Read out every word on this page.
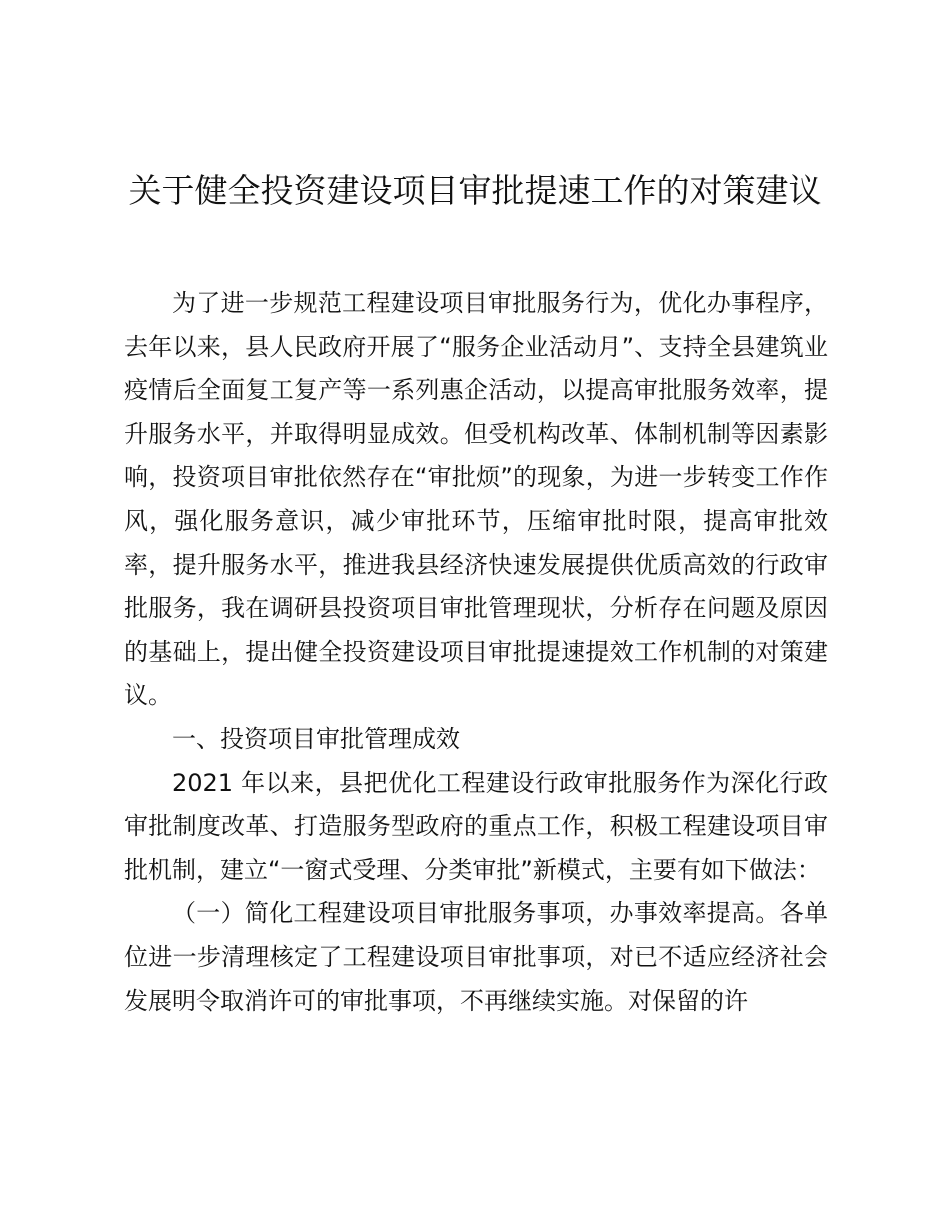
关于健全投资建设项目审批提速工作的对策建议

为了进一步规范工程建设项目审批服务行为，优化办事程序，去年以来，县人民政府开展了“服务企业活动月”、支持全县建筑业疫情后全面复工复产等一系列惠企活动，以提高审批服务效率，提升服务水平，并取得明显成效。但受机构改革、体制机制等因素影响，投资项目审批依然存在“审批烦”的现象，为进一步转变工作作风，强化服务意识，减少审批环节，压缩审批时限，提高审批效率，提升服务水平，推进我县经济快速发展提供优质高效的行政审批服务，我在调研县投资项目审批管理现状，分析存在问题及原因的基础上，提出健全投资建设项目审批提速提效工作机制的对策建议。

一、投资项目审批管理成效

2021 年以来，县把优化工程建设行政审批服务作为深化行政审批制度改革、打造服务型政府的重点工作，积极工程建设项目审批机制，建立“一窗式受理、分类审批”新模式，主要有如下做法：

（一）简化工程建设项目审批服务事项，办事效率提高。各单位进一步清理核定了工程建设项目审批事项，对已不适应经济社会发展明令取消许可的审批事项，不再继续实施。对保留的许
